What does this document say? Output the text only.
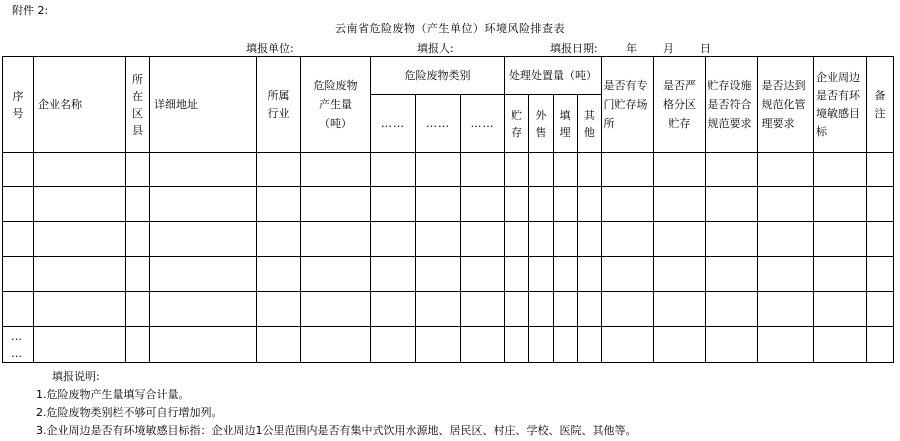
附件 2:
云南省危险废物（产生单位）环境风险排查表
填报单位:	填报人:	填报日期:	年 月 日
序号	企业名称	所在区县	详细地址	所属行业	危险废物产生量（吨）	危险废物类别			处理处置量（吨）				是否有专门贮存场所	是否严格分区贮存	贮存设施是否符合规范要求	是否达到规范化管理要求	企业周边是否有环境敏感目标	备注

						……	……	……	贮存	外售	填埋	其他						

…
…																		

填报说明:
1.危险废物产生量填写合计量。
2.危险废物类别栏不够可自行增加列。
3.企业周边是否有环境敏感目标指：企业周边1公里范围内是否有集中式饮用水源地、居民区、村庄、学校、医院、其他等。
